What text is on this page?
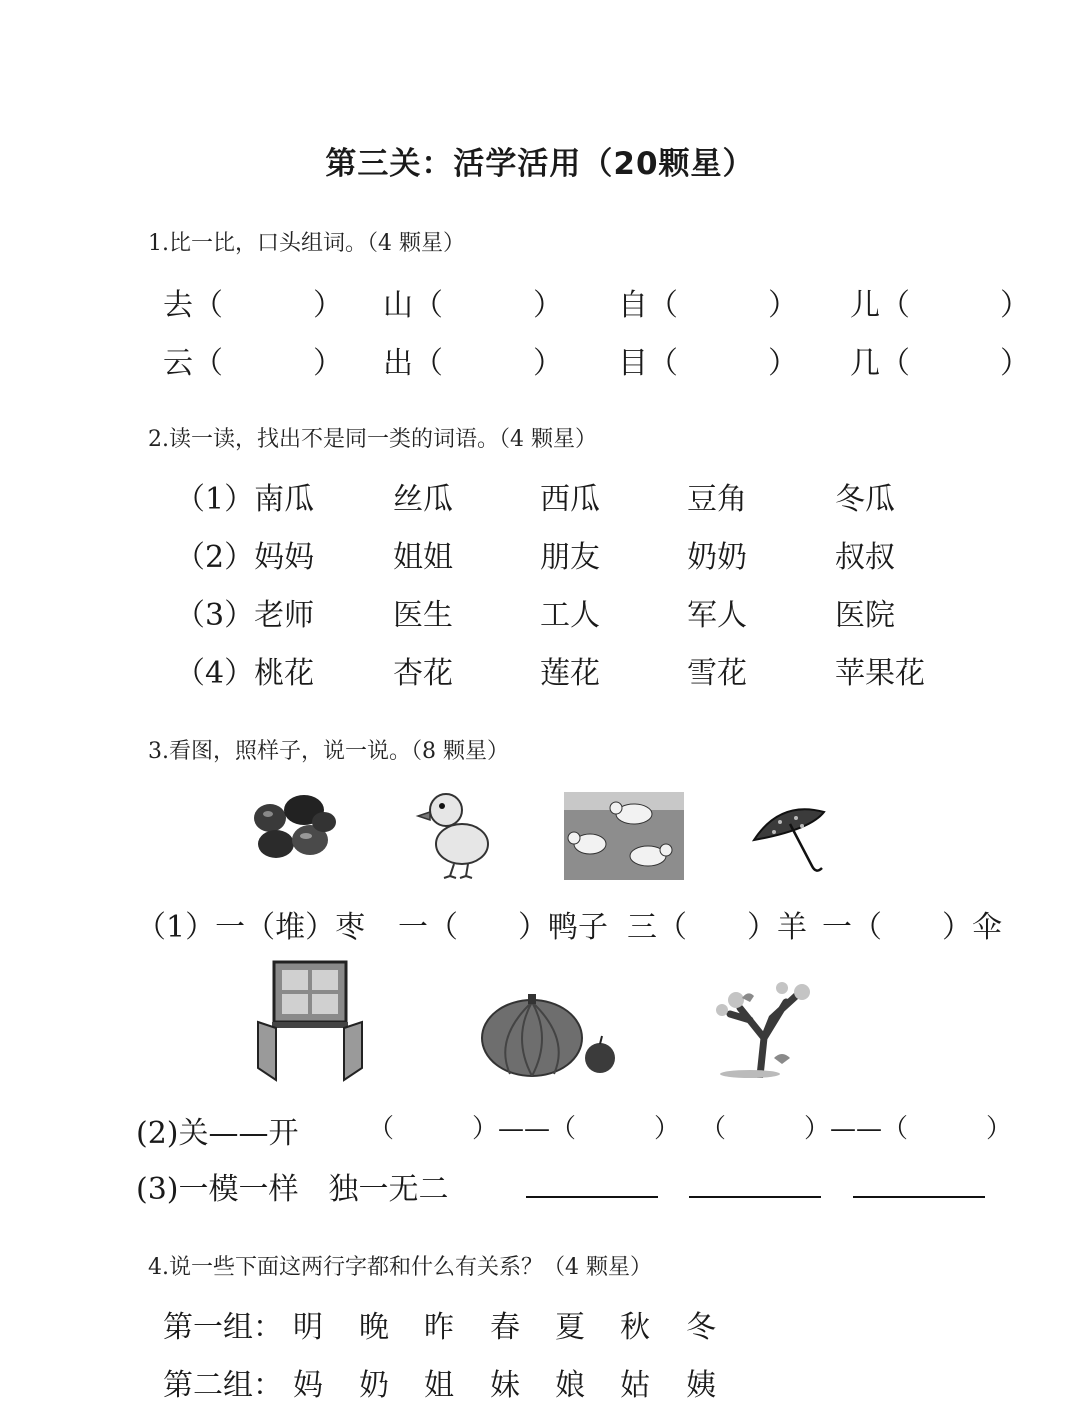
第三关：活学活用（20颗星）
1.比一比，口头组词。（4 颗星）
去（　　　） 山（　　　） 自（　　　） 儿（　　　）
云（　　　） 出（　　　） 目（　　　） 几（　　　）
2.读一读，找出不是同一类的词语。（4 颗星）
（1）南瓜	丝瓜	西瓜	豆角	冬瓜
（2）妈妈	姐姐	朋友	奶奶	叔叔
（3）老师	医生	工人	军人	医院
（4）桃花	杏花	莲花	雪花	苹果花
3.看图，照样子，说一说。（8 颗星）
（1）一（堆）枣 一（　　）鸭子 三（　　）羊 一（　　）伞
(2)关——开	（　　　）——（　　　） （　　　）——（　　　）
(3)一模一样　独一无二
4.说一些下面这两行字都和什么有关系？（4 颗星）
第一组： 明 晚 昨 春 夏 秋 冬
第二组： 妈 奶 姐 妹 娘 姑 姨
